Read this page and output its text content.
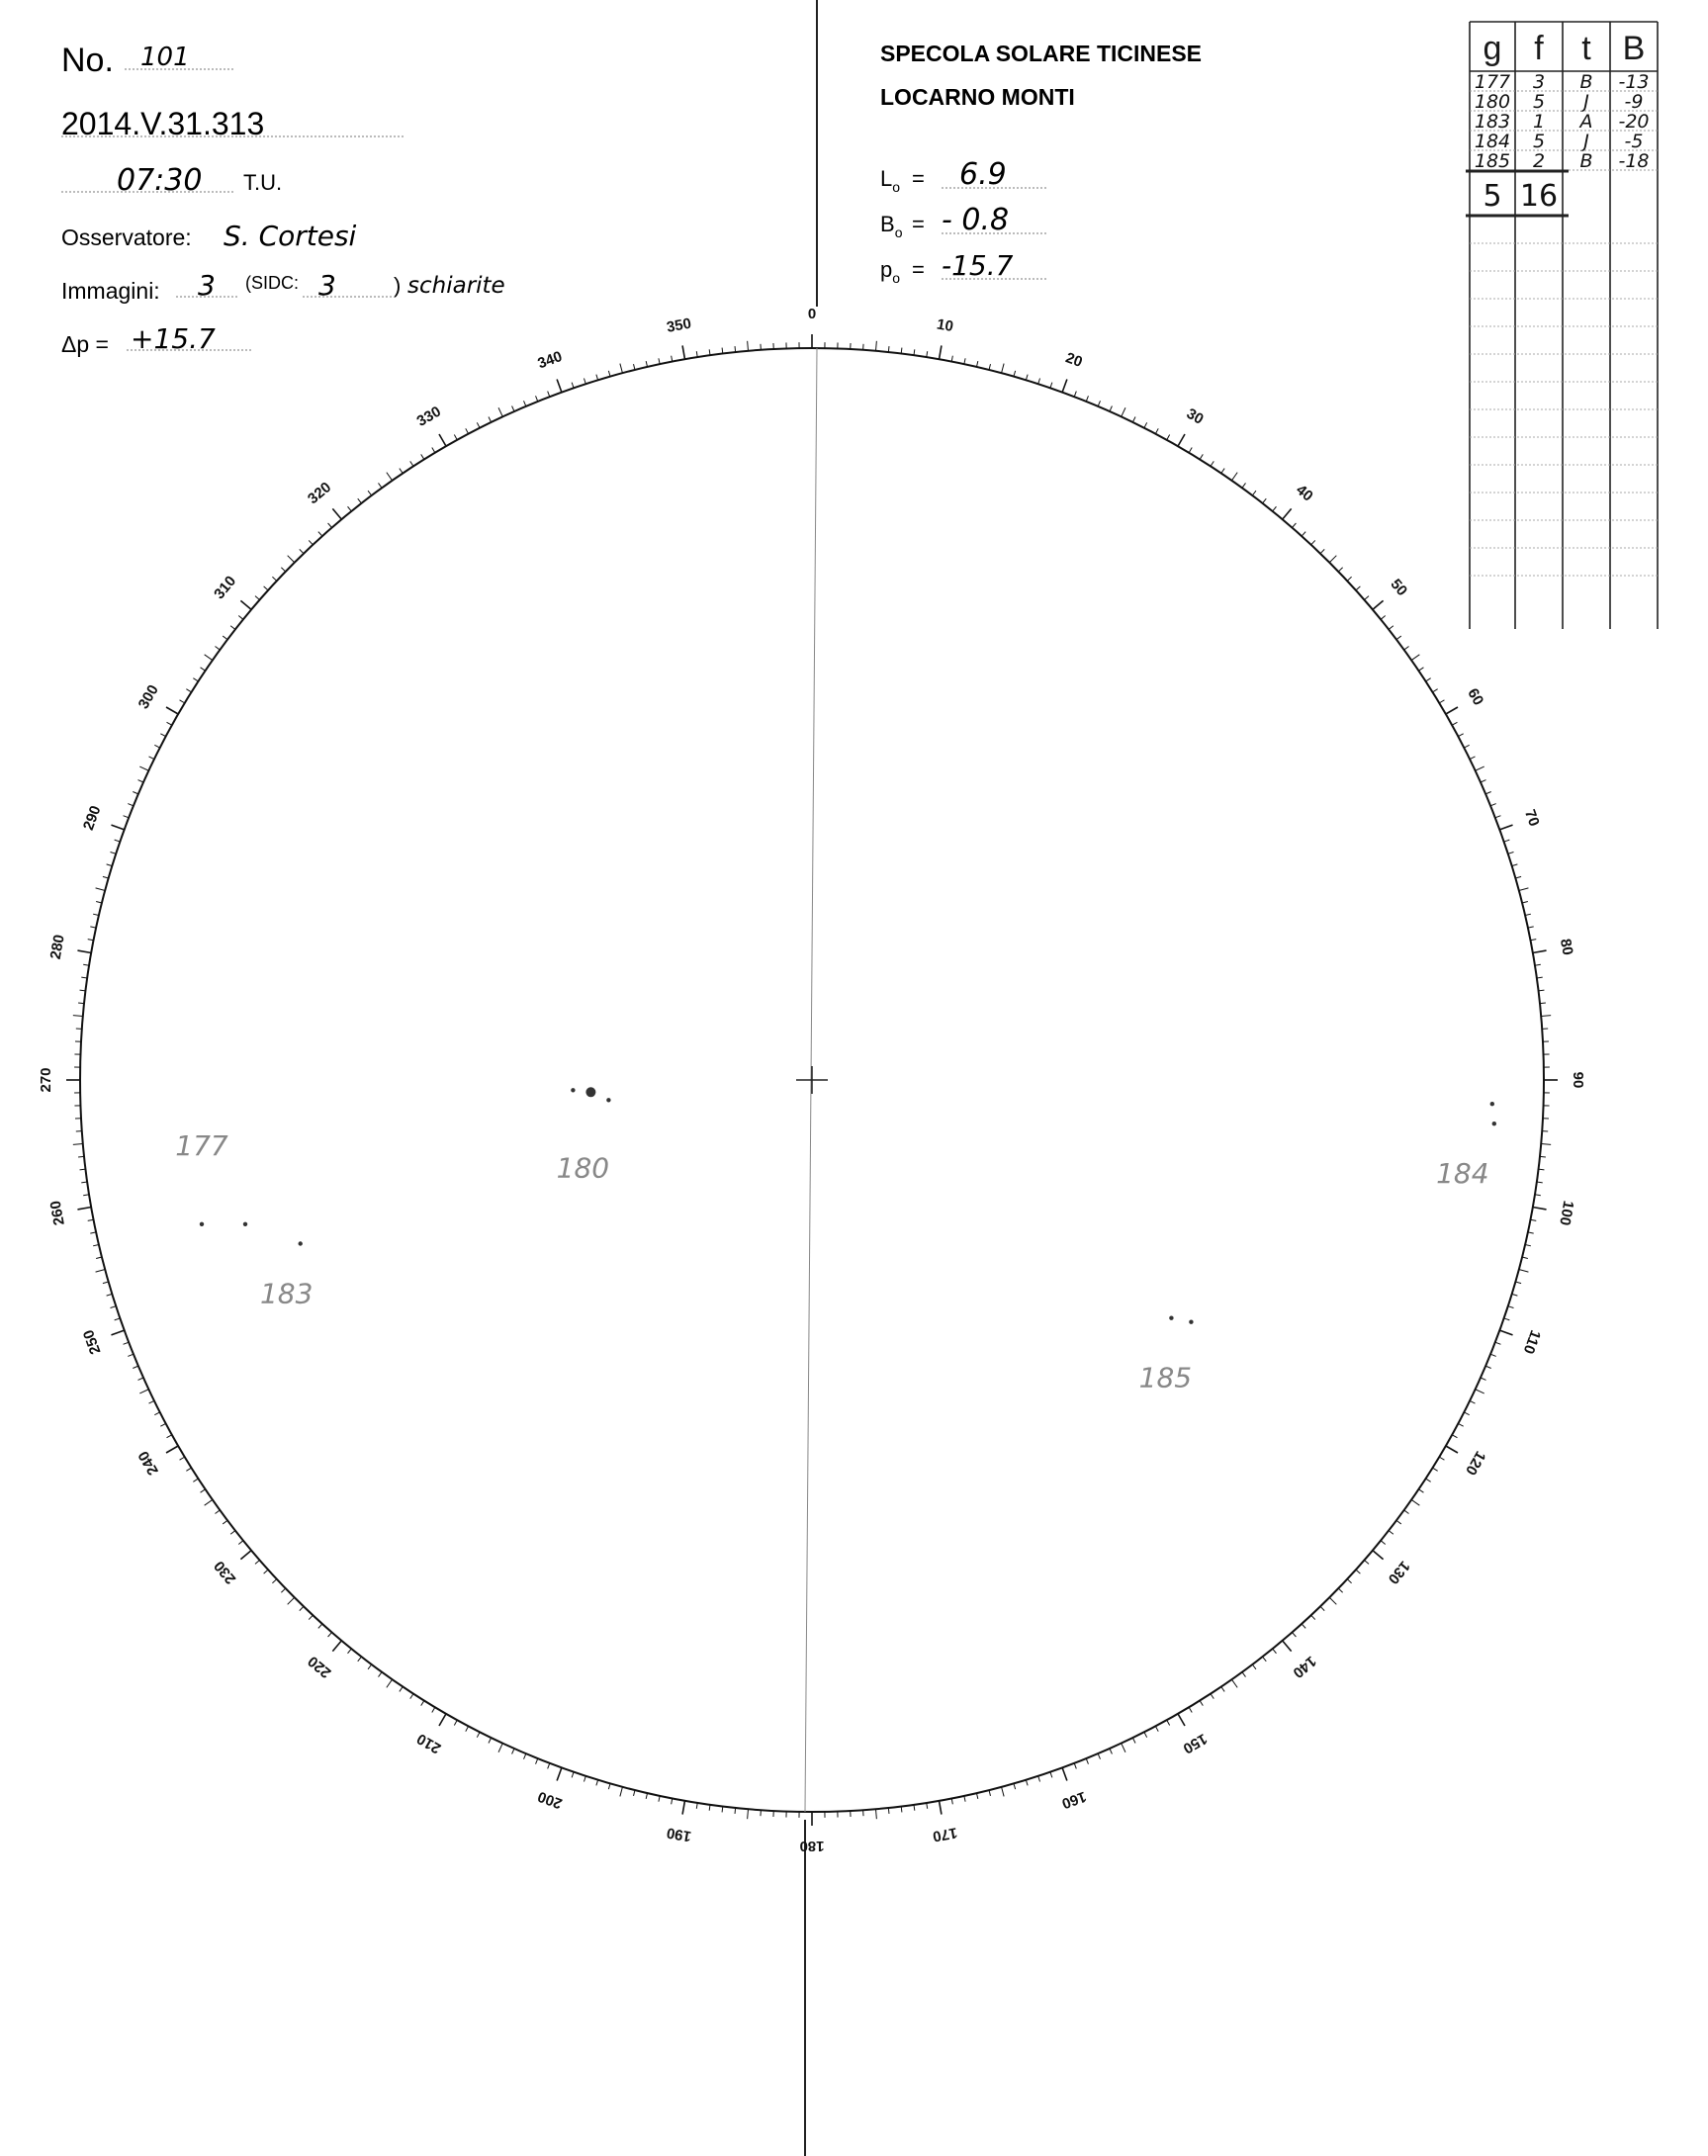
No. 101
2014.V.31.313
07:30 T.U.
Osservatore: S. Cortesi
Immagini: 3 (SIDC: 3	) schiarite
Δp = +15.7
SPECOLA SOLARE TICINESE
LOCARNO MONTI
$L_o = 6.9$
$B_o$ = - 0.8
$p_o = -15.7$
g f t B
177 3 B -13
180 5 J -9
183 1 A -20
184 5 J -5
185 2 B -18
5 16
0
10
20
30
40
50
60
70
80
90
100
110
120
130
140
150
160
170
180
190
200
210
220
230
240
250
260
270
280
290
300
310
320
330
340
350
177
180
183
184
185
